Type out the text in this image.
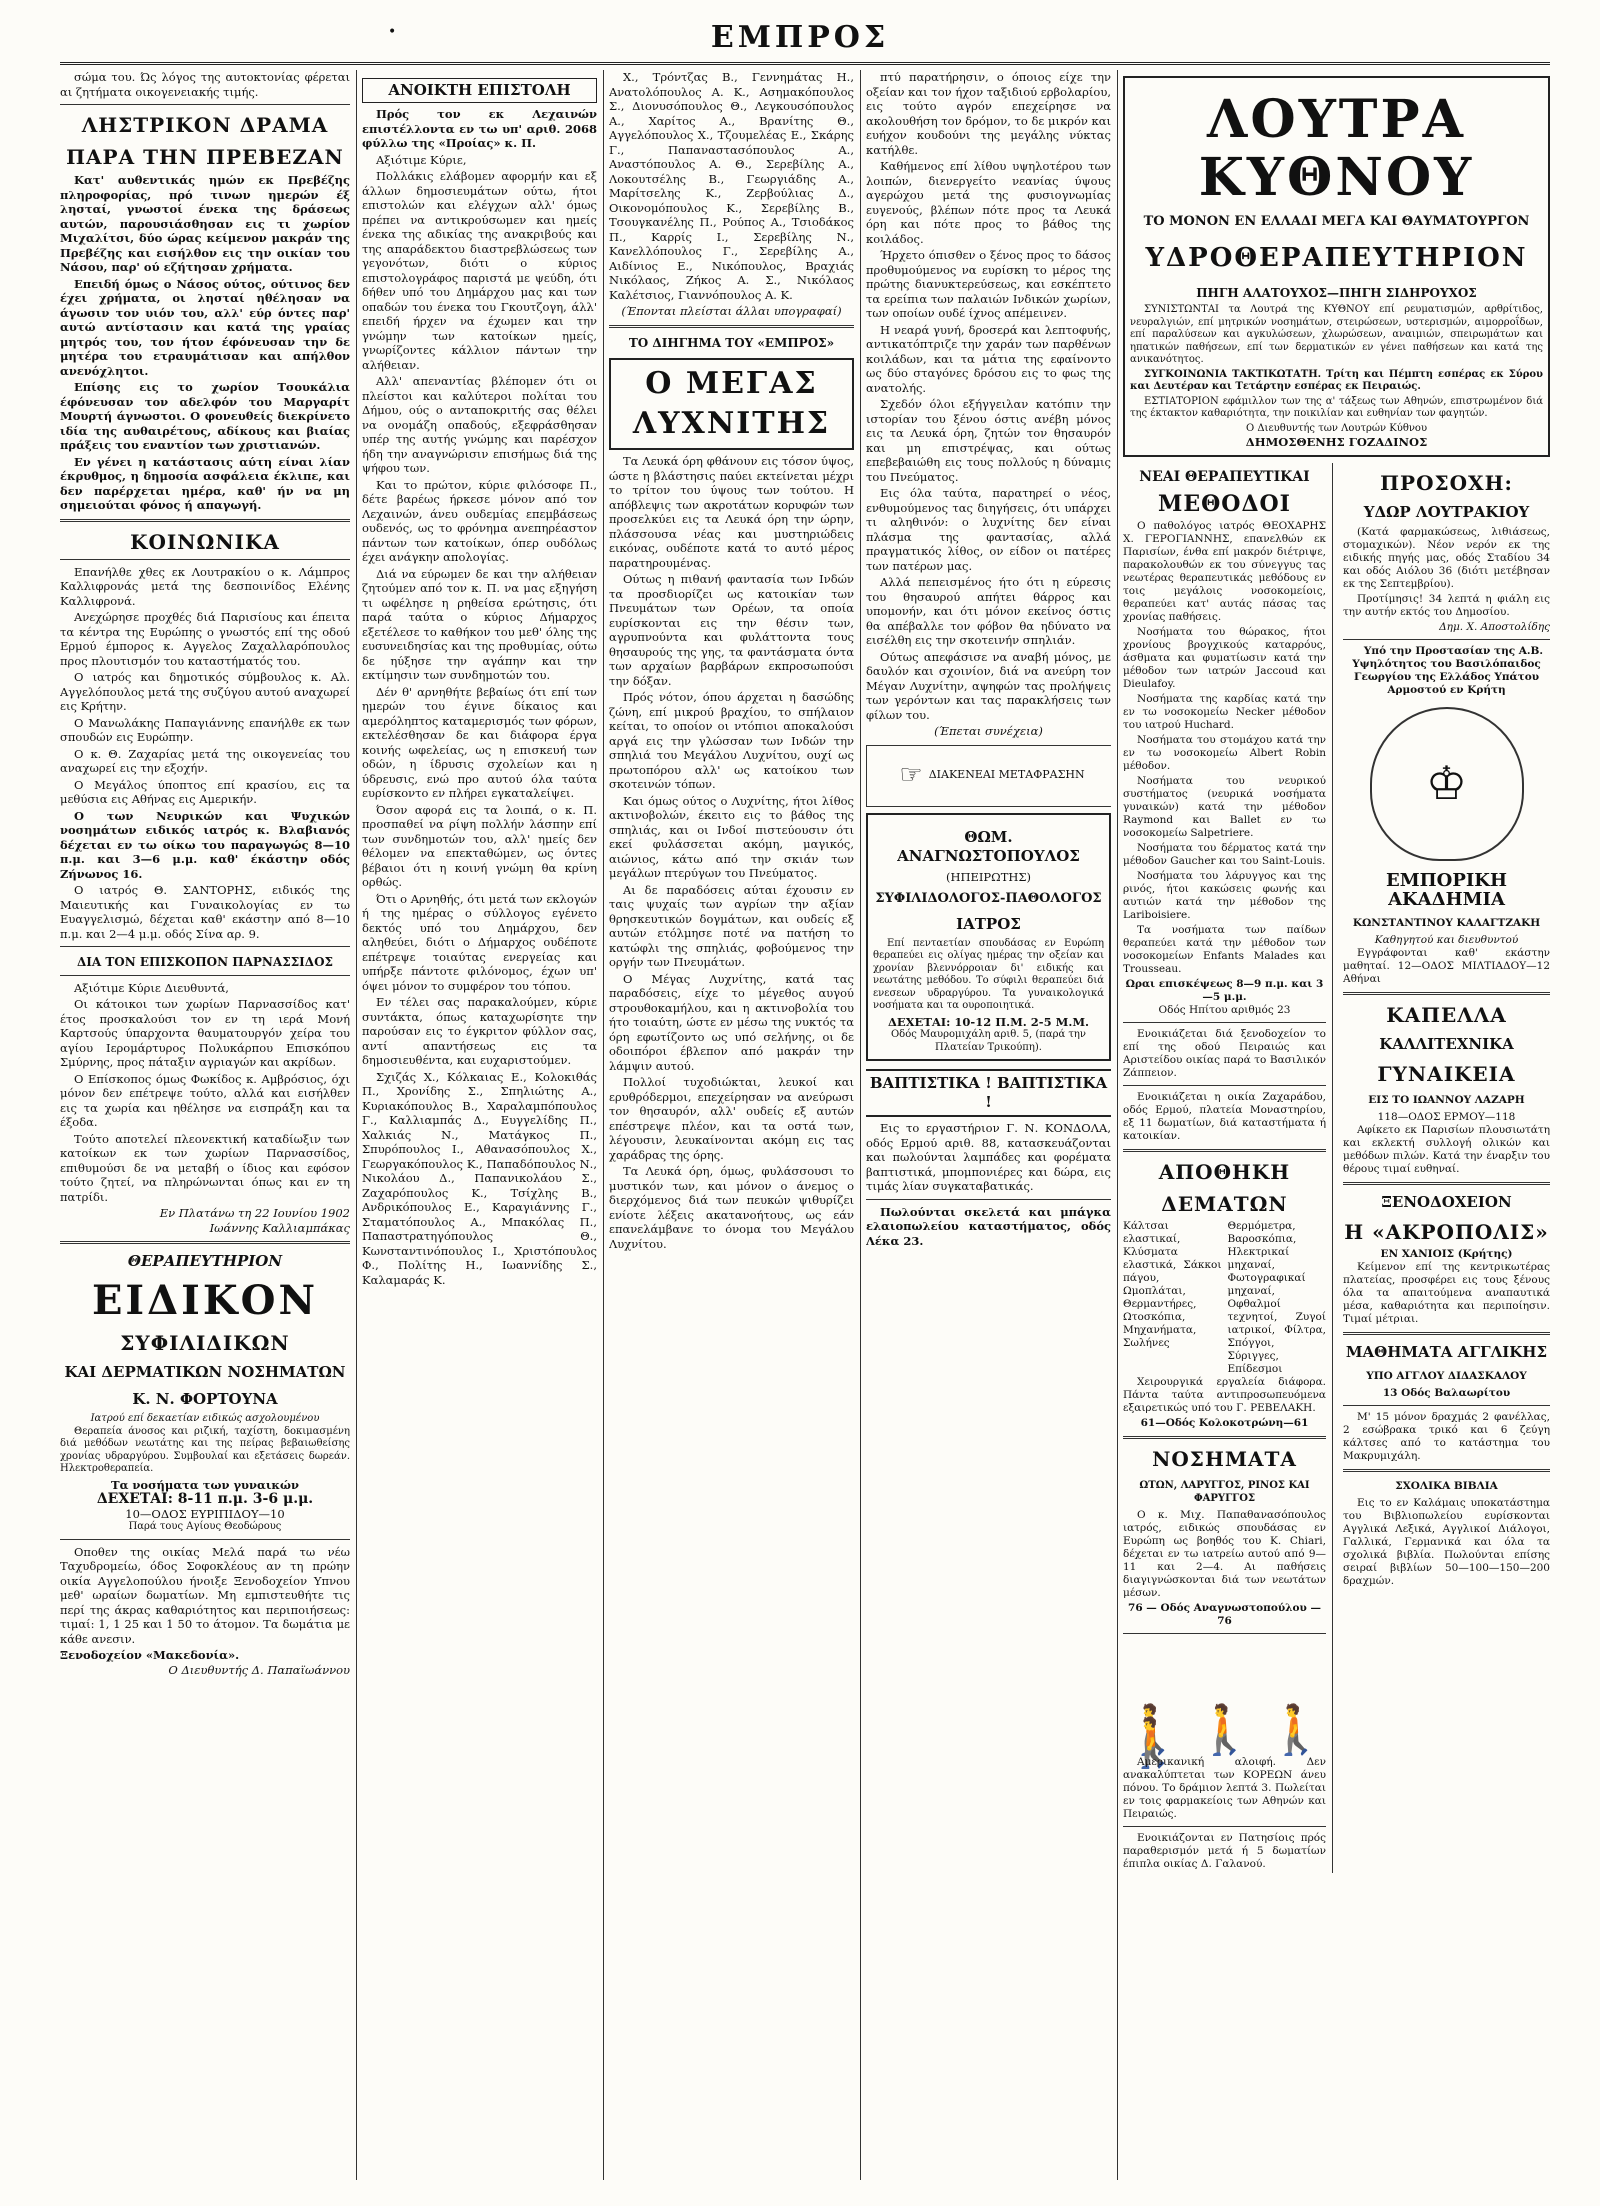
•	ΕΜΠΡΟΣ

σώμα του. Ώς λόγος της αυτοκτονίας φέρεται αι ζητήματα οικογενειακής τιμής.

ΛΗΣΤΡΙΚΟΝ ΔΡΑΜΑ
ΠΑΡΑ ΤΗΝ ΠΡΕΒΕΖΑΝ

Κατ' αυθεντικάς ημών εκ Πρεβέζης πληροφορίας, πρό τινων ημερών έξ λησταί, γνωστοί ένεκα της δράσεως αυτών, παρουσιάσθησαν εις τι χωρίον Μιχαλίτσι, δύο ώρας κείμενον μακράν της Πρεβέζης και εισήλθον εις την οικίαν του Νάσου, παρ' ού εζήτησαν χρήματα.

Επειδή όμως ο Νάσος ούτος, ούτινος δεν έχει χρήματα, οι λησταί ηθέλησαν να άγωσιν τον υιόν του, αλλ' εύρ όντες παρ' αυτώ αντίστασιν και κατά της γραίας μητρός του, τον ήτον έφόνευσαν την δε μητέρα του ετραυμάτισαν και απήλθον ανενόχλητοι.

Επίσης εις το χωρίον Τσουκάλια έφόνευσαν τον αδελφόν του Μαργαρίτ Μουρτή άγνωστοι. Ο φονευθείς διεκρίνετο ιδία της αυθαιρέτους, αδίκους και βιαίας πράξεις του εναντίον των χριστιανών.

Εν γένει η κατάστασις αύτη είναι λίαν έκρυθμος, η δημοσία ασφάλεια έκλιπε, και δεν παρέρχεται ημέρα, καθ' ήν να μη σημειούται φόνος ή απαγωγή.

ΚΟΙΝΩΝΙΚΑ

Επανήλθε χθες εκ Λουτρακίου ο κ. Λάμπρος Καλλιφρονάς μετά της δεσποινίδος Ελένης Καλλιφρονά.

Ανεχώρησε προχθές διά Παρισίους και έπειτα τα κέντρα της Ευρώπης ο γνωστός επί της οδού Ερμού έμπορος κ. Αγγελος Ζαχαλλαρόπουλος προς πλουτισμόν του καταστήματός του.

Ο ιατρός και δημοτικός σύμβουλος κ. Αλ. Αγγελόπουλος μετά της συζύγου αυτού αναχωρεί εις Κρήτην.

Ο Μανωλάκης Παπαγιάννης επανήλθε εκ των σπουδών εις Ευρώπην.

Ο κ. Θ. Ζαχαρίας μετά της οικογενείας του αναχωρεί εις την εξοχήν.

Ο Μεγάλος ύποπτος επί κρασίου, εις τα μεθύσια εις Αθήνας εις Αμερικήν.

Ο των Νευρικών και Ψυχικών νοσημάτων ειδικός ιατρός κ. Βλαβιανός δέχεται εν τω οίκω του παραγωγώς 8—10 π.μ. και 3—6 μ.μ. καθ' έκάστην οδός Ζήνωνος 16.

Ο ιατρός Θ. ΣΑΝΤΟΡΗΣ, ειδικός της Μαιευτικής και Γυναικολογίας εν τω Ευαγγελισμώ, δέχεται καθ' εκάστην από 8—10 π.μ. και 2—4 μ.μ. οδός Σίνα αρ. 9.

ΔΙΑ ΤΟΝ ΕΠΙΣΚΟΠΟΝ ΠΑΡΝΑΣΣΙΔΟΣ

Αξιότιμε Κύριε Διευθυντά,

Οι κάτοικοι των χωρίων Παρνασσίδος κατ' έτος προσκαλούσι τον εν τη ιερά Μονή Καρτσούς ύπαρχοντα θαυματουργόν χείρα του αγίου Ιερομάρτυρος Πολυκάρπου Επισκόπου Σμύρνης, προς πάταξιν αγριαγών και ακρίδων.

Ο Επίσκοπος όμως Φωκίδος κ. Αμβρόσιος, όχι μόνον δεν επέτρεψε τούτο, αλλά και εισήλθεν εις τα χωρία και ηθέλησε να εισπράξη και τα έξοδα.

Τούτο αποτελεί πλεονεκτική καταδίωξιν των κατοίκων εκ των χωρίων Παρνασσίδος, επιθυμούσι δε να μεταβή ο ίδιος και εφόσον τούτο ζητεί, να πληρώνωνται όπως και εν τη πατρίδι.

Εν Πλατάνω τη 22 Ιουνίου 1902
Ιωάννης Καλλιαμπάκας
ΘΕΡΑΠΕΥΤΗΡΙΟΝ
ΕΙΔΙΚΟΝ
ΣΥΦΙΛΙΔΙΚΩΝ
ΚΑΙ ΔΕΡΜΑΤΙΚΩΝ ΝΟΣΗΜΑΤΩΝ
Κ. Ν. ΦΟΡΤΟΥΝΑ
Ιατρού επί δεκαετίαν ειδικώς ασχολουμένου

Θεραπεία άνοσος και ριζική, ταχίστη, δοκιμασμένη διά μεθόδων νεωτάτης και της πείρας βεβαιωθείσης χρονίας υδραργύρου. Συμβουλαί και εξετάσεις δωρεάν. Ηλεκτροθεραπεία.

Τα νοσήματα των γυναικών
ΔΕΧΕΤΑΙ: 8-11 π.μ. 3-6 μ.μ.
10—ΟΔΟΣ ΕΥΡΙΠΙΔΟΥ—10
Παρά τους Αγίους Θεοδώρους

Οποθεν της οικίας Μελά παρά τω νέω Ταχυδρομείω, όδος Σοφοκλέους αν τη πρώην οικία Αγγελοπούλου ήνοιξε Ξενοδοχείον Υπνου μεθ' ωραίων δωματίων. Μη εμπιστευθήτε τις περί της άκρας καθαριότητος και περιποιήσεως: τιμαί: 1, 1 25 και 1 50 το άτομον. Τα δωμάτια με κάθε ανεσιν.

Ξενοδοχείον «Μακεδονία».
Ο Διευθυντής Δ. Παπαϊωάννου
ΑΝΟΙΚΤΗ ΕΠΙΣΤΟΛΗ

Πρός τον εκ Λεχαινών επιστέλλοντα εν τω υπ' αριθ. 2068 φύλλω της «Προίας» κ. Π.

Αξιότιμε Κύριε,

Πολλάκις ελάβομεν αφορμήν και εξ άλλων δημοσιευμάτων ούτω, ήτοι επιστολών και ελέγχων αλλ' όμως πρέπει να αντικρούσωμεν και ημείς ένεκα της αδικίας της ανακριβούς και της απαράδεκτου διαστρεβλώσεως των γεγονότων, διότι ο κύριος επιστολογράφος παριστά με ψεύδη, ότι δήθεν υπό του Δημάρχου μας και των οπαδών του ένεκα του Γκουτζογη, άλλ' επειδή ήρχεν να έχωμεν και την γνώμην των κατοίκων ημείς, γνωρίζοντες κάλλιον πάντων την αλήθειαν.

Αλλ' απεναντίας βλέπομεν ότι οι πλείστοι και καλύτεροι πολίται του Δήμου, ούς ο ανταποκριτής σας θέλει να ονομάζη οπαδούς, εξεφράσθησαν υπέρ της αυτής γνώμης και παρέσχον ήδη την αναγνώρισιν επισήμως διά της ψήφου των.

Και το πρώτον, κύριε φιλόσοφε Π., δέτε βαρέως ήρκεσε μόνον από τον Λεχαινών, άνευ ουδεμίας επεμβάσεως ουδενός, ως το φρόνημα ανεπηρέαστον πάντων των κατοίκων, όπερ ουδόλως έχει ανάγκην απολογίας.

Διά να εύρωμεν δε και την αλήθειαν ζητούμεν από τον κ. Π. να μας εξηγήση τι ωφέλησε η ρηθείσα ερώτησις, ότι παρά ταύτα ο κύριος Δήμαρχος εξετέλεσε το καθήκον του μεθ' όλης της ευσυνειδησίας και της προθυμίας, ούτω δε ηύξησε την αγάπην και την εκτίμησιν των συνδημοτών του.

Δέν θ' αρνηθήτε βεβαίως ότι επί των ημερών του έγινε δίκαιος και αμερόληπτος καταμερισμός των φόρων, εκτελέσθησαν δε και διάφορα έργα κοινής ωφελείας, ως η επισκευή των οδών, η ίδρυσις σχολείων και η ύδρευσις, ενώ προ αυτού όλα ταύτα ευρίσκοντο εν πλήρει εγκαταλείψει.

Όσον αφορά εις τα λοιπά, ο κ. Π. προσπαθεί να ρίψη πολλήν λάσπην επί των συνδημοτών του, αλλ' ημείς δεν θέλομεν να επεκταθώμεν, ως όντες βέβαιοι ότι η κοινή γνώμη θα κρίνη ορθώς.

Ότι ο Αρνηθής, ότι μετά των εκλογών ή της ημέρας ο σύλλογος εγένετο δεκτός υπό του Δημάρχου, δεν αληθεύει, διότι ο Δήμαρχος ουδέποτε επέτρεψε τοιαύτας ενεργείας και υπήρξε πάντοτε φιλόνομος, έχων υπ' όψει μόνον το συμφέρον του τόπου.

Εν τέλει σας παρακαλούμεν, κύριε συντάκτα, όπως καταχωρίσητε την παρούσαν εις το έγκριτον φύλλον σας, αντί απαντήσεως εις τα δημοσιευθέντα, και ευχαριστούμεν.

Σχιζάς Χ., Κόλκαιας Ε., Κολοκιθάς Π., Χρονίδης Σ., Σπηλιώτης Α., Κυριακόπουλος Β., Χαραλαμπόπουλος Γ., Καλλιαμπάς Δ., Ευγγελίδης Π., Χαλκιάς Ν., Ματάγκος Π., Σπυρόπουλος Ι., Αθανασόπουλος Χ., Γεωργακόπουλος Κ., Παπαδόπουλος Ν., Νικολάου Δ., Παπανικολάου Σ., Ζαχαρόπουλος Κ., Τσίχλης Β., Ανδρικόπουλος Ε., Καραγιάννης Γ., Σταματόπουλος Α., Μπακόλας Π., Παπαστρατηγόπουλος Θ., Κωνσταντινόπουλος Ι., Χριστόπουλος Φ., Πολίτης Η., Ιωαννίδης Σ., Καλαμαράς Κ.

Χ., Τρόντζας Β., Γεννημάτας Η., Ανατολόπουλος Α. Κ., Ασημακόπουλος Σ., Διονυσόπουλος Θ., Λεγκουσόπουλος Α., Χαρίτος Α., Βρανίτης Θ., Αγγελόπουλος Χ., Τζουμελέας Ε., Σκάρης Γ., Παπαναστασόπουλος Α., Αναστόπουλος Α. Θ., Σερεβίλης Α., Λοκουτσέλης Β., Γεωργιάδης Α., Μαρίτσελης Κ., Ζερβούλιας Δ., Οικονομόπουλος Κ., Σερεβίλης Β., Τσουγκανέλης Π., Ρούπος Α., Τσιοδάκος Π., Καρρίς Ι., Σερεβίλης Ν., Κανελλόπουλος Γ., Σερεβίλης Α., Αιδίνιος Ε., Νικόπουλος, Βραχιάς Νικόλαος, Ζήκος Α. Σ., Νικόλαος Καλέτσιος, Γιαννόπουλος Α. Κ.

(Έπονται πλείσται άλλαι υπογραφαί)
ΤΟ ΔΙΗΓΗΜΑ ΤΟΥ «ΕΜΠΡΟΣ»
Ο ΜΕΓΑΣ ΛΥΧΝΙΤΗΣ

Τα Λευκά όρη φθάνουν εις τόσον ύψος, ώστε η βλάστησις παύει εκτείνεται μέχρι το τρίτον του ύψους των τούτου. Η απόβλεψις των ακροτάτων κορυφών των προσελκύει εις τα Λευκά όρη την ώρην, πλάσσουσα νέας και μυστηριώδεις εικόνας, ουδέποτε κατά το αυτό μέρος παρατηρουμένας.

Ούτως η πιθανή φαντασία των Ινδών τα προσδιορίζει ως κατοικίαν των Πνευμάτων των Ορέων, τα οποία ευρίσκονται εις την θέσιν των, αγρυπνούντα και φυλάττοντα τους θησαυρούς της γης, τα φαντάσματα όντα των αρχαίων βαρβάρων εκπροσωπούσι την δόξαν.

Πρός νότον, όπου άρχεται η δασώδης ζώνη, επί μικρού βραχίου, το σπήλαιον κείται, το οποίον οι ντόπιοι αποκαλούσι αργά εις την γλώσσαν των Ινδών την σπηλιά του Μεγάλου Λυχνίτου, ουχί ως πρωτοπόρου αλλ' ως κατοίκου των σκοτεινών τόπων.

Και όμως ούτος ο Λυχνίτης, ήτοι λίθος ακτινοβολών, έκειτο εις το βάθος της σπηλιάς, και οι Ινδοί πιστεύουσιν ότι εκεί φυλάσσεται ακόμη, μαγικός, αιώνιος, κάτω από την σκιάν των μεγάλων πτερύγων του Πνεύματος.

Αι δε παραδόσεις αύται έχουσιν εν ταις ψυχαίς των αγρίων την αξίαν θρησκευτικών δογμάτων, και ουδείς εξ αυτών ετόλμησε ποτέ να πατήση το κατώφλι της σπηλιάς, φοβούμενος την οργήν των Πνευμάτων.

Ο Μέγας Λυχνίτης, κατά τας παραδόσεις, είχε το μέγεθος αυγού στρουθοκαμήλου, και η ακτινοβολία του ήτο τοιαύτη, ώστε εν μέσω της νυκτός τα όρη εφωτίζοντο ως υπό σελήνης, οι δε οδοιπόροι έβλεπον από μακράν την λάμψιν αυτού.

Πολλοί τυχοδιώκται, λευκοί και ερυθρόδερμοι, επεχείρησαν να ανεύρωσι τον θησαυρόν, αλλ' ουδείς εξ αυτών επέστρεψε πλέον, και τα οστά των, λέγουσιν, λευκαίνονται ακόμη εις τας χαράδρας της όρης.

Τα Λευκά όρη, όμως, φυλάσσουσι το μυστικόν των, και μόνον ο άνεμος ο διερχόμενος διά των πευκών ψιθυρίζει ενίοτε λέξεις ακατανοήτους, ως εάν επανελάμβανε το όνομα του Μεγάλου Λυχνίτου.

πτύ παρατήρησιν, ο όποιος είχε την οξείαν και τον ήχον ταξιδιού ερβολαρίου, εις τούτο αγρόν επεχείρησε να ακολουθήση τον δρόμον, το δε μικρόν και ευήχον κουδούνι της μεγάλης νύκτας κατήλθε.

Καθήμενος επί λίθου υψηλοτέρου των λοιπών, διενεργείτο νεανίας ύψους αγερώχου μετά της φυσιογνωμίας ευγενούς, βλέπων πότε προς τα Λευκά όρη και πότε προς το βάθος της κοιλάδος.

Ήρχετο όπισθεν ο ξένος προς το δάσος προθυμούμενος να ευρίσκη το μέρος της πρώτης διανυκτερεύσεως, και εσκέπτετο τα ερείπια των παλαιών Ινδικών χωρίων, των οποίων ουδέ ίχνος απέμεινεν.

Η νεαρά γυνή, δροσερά και λεπτοφυής, αντικατόπτριζε την χαράν των παρθένων κοιλάδων, και τα μάτια της εφαίνοντο ως δύο σταγόνες δρόσου εις το φως της ανατολής.

Σχεδόν όλοι εξήγγειλαν κατόπιν την ιστορίαν του ξένου όστις ανέβη μόνος εις τα Λευκά όρη, ζητών τον θησαυρόν και μη επιστρέψας, και ούτως επεβεβαιώθη εις τους πολλούς η δύναμις του Πνεύματος.

Εις όλα ταύτα, παρατηρεί ο νέος, ενθυμούμενος τας διηγήσεις, ότι υπάρχει τι αληθινόν: ο λυχνίτης δεν είναι πλάσμα της φαντασίας, αλλά πραγματικός λίθος, ον είδον οι πατέρες των πατέρων μας.

Αλλά πεπεισμένος ήτο ότι η εύρεσις του θησαυρού απήτει θάρρος και υπομονήν, και ότι μόνον εκείνος όστις θα απέβαλλε τον φόβον θα ηδύνατο να εισέλθη εις την σκοτεινήν σπηλιάν.

Ούτως απεφάσισε να αναβή μόνος, με δαυλόν και σχοινίον, διά να ανεύρη τον Μέγαν Λυχνίτην, αψηφών τας προλήψεις των γερόντων και τας παρακλήσεις των φίλων του.

(Έπεται συνέχεια)
☞ ΔΙΑΚΕΝΕΑΙ ΜΕΤΑΦΡΑΣΗΝ
ΘΩΜ. ΑΝΑΓΝΩΣΤΟΠΟΥΛΟΣ
(ΗΠΕΙΡΩΤΗΣ)
ΣΥΦΙΛΙΔΟΛΟΓΟΣ-ΠΑΘΟΛΟΓΟΣ
ΙΑΤΡΟΣ

Επί πενταετίαν σπουδάσας εν Ευρώπη θεραπεύει εις ολίγας ημέρας την οξείαν και χρονίαν βλεννόρροιαν δι' ειδικής και νεωτάτης μεθόδου. Το σύφιλι θεραπεύει διά ενεσεων υδραργύρου. Τα γυναικολογικά νοσήματα και τα ουροποιητικά.

ΔΕΧΕΤΑΙ: 10-12 Π.Μ. 2-5 Μ.Μ.
Οδός Μαυρομιχάλη αριθ. 5, (παρά την Πλατείαν Τρικούπη).
ΒΑΠΤΙΣΤΙΚΑ ! ΒΑΠΤΙΣΤΙΚΑ !

Εις το εργαστήριον Γ. Ν. ΚΟΝΔΟΛΑ, οδός Ερμού αριθ. 88, κατασκευάζονται και πωλούνται λαμπάδες και φορέματα βαπτιστικά, μπομπονιέρες και δώρα, εις τιμάς λίαν συγκαταβατικάς.

Πωλούνται σκελετά και μπάγκα ελαιοπωλείου καταστήματος, οδός Λέκα 23.

ΛΟΥΤΡΑ ΚΥΘΝΟΥ
ΤΟ ΜΟΝΟΝ ΕΝ ΕΛΛΑΔΙ ΜΕΓΑ ΚΑΙ ΘΑΥΜΑΤΟΥΡΓΟΝ
ΥΔΡΟΘΕΡΑΠΕΥΤΗΡΙΟΝ
ΠΗΓΗ ΑΛΑΤΟΥΧΟΣ—ΠΗΓΗ ΣΙΔΗΡΟΥΧΟΣ

ΣΥΝΙΣΤΩΝΤΑΙ τα Λουτρά της ΚΥΘΝΟΥ επί ρευματισμών, αρθρίτιδος, νευραλγιών, επί μητρικών νοσημάτων, στειρώσεων, υστερισμών, αιμορροΐδων, επί παραλύσεων και αγκυλώσεων, χλωρώσεων, αναιμιών, σπειρωμάτων και ηπατικών παθήσεων, επί των δερματικών εν γένει παθήσεων και κατά της ανικανότητος.

ΣΥΓΚΟΙΝΩΝΙΑ ΤΑΚΤΙΚΩΤΑΤΗ. Τρίτη και Πέμπτη εσπέρας εκ Σύρου και Δευτέραν και Τετάρτην εσπέρας εκ Πειραιώς.

ΕΣΤΙΑΤΟΡΙΟΝ εφάμιλλον των της α' τάξεως των Αθηνών, επιστρωμένον διά της έκτακτον καθαριότητα, την ποικιλίαν και ευθηνίαν των φαγητών.

Ο Διευθυντής των Λουτρών Κύθνου
ΔΗΜΟΣΘΕΝΗΣ ΓΟΖΑΔΙΝΟΣ
ΝΕΑΙ ΘΕΡΑΠΕΥΤΙΚΑΙ
ΜΕΘΟΔΟΙ

Ο παθολόγος ιατρός ΘΕΟΧΑΡΗΣ Χ. ΓΕΡΟΓΙΑΝΝΗΣ, επανελθών εκ Παρισίων, ένθα επί μακρόν διέτριψε, παρακολουθών εκ του σύνεγγυς τας νεωτέρας θεραπευτικάς μεθόδους εν τοις μεγάλοις νοσοκομείοις, θεραπεύει κατ' αυτάς πάσας τας χρονίας παθήσεις.

Νοσήματα του θώρακος, ήτοι χρονίους βρογχικούς καταρρόυς, άσθματα και φυματίωσιν κατά την μέθοδον των ιατρών Jaccoud και Dieulafoy.

Νοσήματα της καρδίας κατά την εν τω νοσοκομείω Necker μέθοδον του ιατρού Huchard.

Νοσήματα του στομάχου κατά την εν τω νοσοκομείω Albert Robin μέθοδον.

Νοσήματα του νευρικού συστήματος (νευρικά νοσήματα γυναικών) κατά την μέθοδον Raymond και Ballet εν τω νοσοκομείω Salpetriere.

Νοσήματα του δέρματος κατά την μέθοδον Gaucher και του Saint-Louis.

Νοσήματα του λάρυγγος και της ρινός, ήτοι κακώσεις φωνής και αυτιών κατά την μέθοδον της Lariboisiere.

Τα νοσήματα των παίδων θεραπεύει κατά την μέθοδον των νοσοκομείων Enfants Malades και Trousseau.

Ωραι επισκέψεως 8—9 π.μ. και 3—5 μ.μ.
Οδός Ηπίτου αριθμός 23

Ενοικιάζεται διά ξενοδοχείον το επί της οδού Πειραιώς και Αριστείδου οικίας παρά το Βασιλικόν Ζάππειον.

Ενοικιάζεται η οικία Ζαχαράδου, οδός Ερμού, πλατεία Μοναστηρίου, εξ 11 δωματίων, διά καταστήματα ή κατοικίαν.

ΑΠΟΘΗΚΗ
ΔΕΜΑΤΩΝ
Κάλτσαι ελαστικαί, Κλύσματα ελαστικά, Σάκκοι πάγου, Ωμοπλάται, Θερμαντήρες, Ωτοσκόπια, Μηχανήματα, Σωλήνες
Θερμόμετρα, Βαροσκόπια, Ηλεκτρικαί μηχαναί, Φωτογραφικαί μηχαναί, Οφθαλμοί τεχνητοί, Ζυγοί ιατρικοί, Φίλτρα, Σπόγγοι, Σύριγγες, Επίδεσμοι

Χειρουργικά εργαλεία διάφορα. Πάντα ταύτα αντιπροσωπευόμενα εξαιρετικώς υπό του Γ. ΡΕΒΕΛΑΚΗ.

61—Οδός Κολοκοτρώνη—61
ΝΟΣΗΜΑΤΑ
ΩΤΩΝ, ΛΑΡΥΓΓΟΣ, ΡΙΝΟΣ ΚΑΙ ΦΑΡΥΓΓΟΣ

Ο κ. Μιχ. Παπαθανασόπουλος ιατρός, ειδικώς σπουδάσας εν Ευρώπη ως βοηθός του Κ. Chiari, δέχεται εν τω ιατρείω αυτού από 9—11 και 2—4. Αι παθήσεις διαγιγνώσκονται διά των νεωτάτων μέσων.

76 — Οδός Αναγνωστοπούλου — 76
🚶🚶🚶🚶

Αμερικανική αλοιφή. Δεν ανακαλύπτεται των ΚΟΡΕΩΝ άνευ πόνου. Το δράμιον λεπτά 3. Πωλείται εν τοις φαρμακείοις των Αθηνών και Πειραιώς.

Ενοικιάζονται εν Πατησίοις πρός παραθερισμόν μετά ή 5 δωματίων έπιπλα οικίας Δ. Γαλανού.

ΠΡΟΣΟΧΗ:
ΥΔΩΡ ΛΟΥΤΡΑΚΙΟΥ

(Κατά φαρμακώσεως, λιθιάσεως, στομαχικών). Νέον νερόν εκ της ειδικής πηγής μας, οδός Σταδίου 34 και οδός Αιόλου 36 (διότι μετέβησαν εκ της Σεπτεμβρίου).

Προτίμησις! 34 λεπτά η φιάλη εις την αυτήν εκτός του Δημοσίου.

Δημ. Χ. Αποστολίδης

Υπό την Προστασίαν της Α.Β. Υψηλότητος του Βασιλόπαιδος Γεωργίου της Ελλάδος Υπάτου Αρμοστού εν Κρήτη

♔
ΕΜΠΟΡΙΚΗ ΑΚΑΔΗΜΙΑ
ΚΩΝΣΤΑΝΤΙΝΟΥ ΚΑΛΑΓΤΖΑΚΗ
Καθηγητού και διευθυντού

Εγγράφονται καθ' εκάστην μαθηταί. 12—ΟΔΟΣ ΜΙΛΤΙΑΔΟΥ—12 Αθήναι

ΚΑΠΕΛΛΑ
ΚΑΛΛΙΤΕΧΝΙΚΑ
ΓΥΝΑΙΚΕΙΑ
ΕΙΣ ΤΟ ΙΩΑΝΝΟΥ ΛΑΖΑΡΗ
118—ΟΔΟΣ ΕΡΜΟΥ—118

Αφίκετο εκ Παρισίων πλουσιωτάτη και εκλεκτή συλλογή ολικών και μεθόδων πιλών. Κατά την έναρξιν του θέρους τιμαί ευθηναί.

ΞΕΝΟΔΟΧΕΙΟΝ
Η «ΑΚΡΟΠΟΛΙΣ»
ΕΝ ΧΑΝΙΟΙΣ (Κρήτης)

Κείμενον επί της κεντρικωτέρας πλατείας, προσφέρει εις τους ξένους όλα τα απαιτούμενα αναπαυτικά μέσα, καθαριότητα και περιποίησιν. Τιμαί μέτριαι.

ΜΑΘΗΜΑΤΑ ΑΓΓΛΙΚΗΣ
ΥΠΟ ΑΓΓΛΟΥ ΔΙΔΑΣΚΑΛΟΥ
13 Οδός Βαλαωρίτου

Μ' 15 μόνον δραχμάς 2 φανέλλας, 2 εσώβρακα τρικό και 6 ζεύγη κάλτσες από το κατάστημα του Μακρυμιχάλη.

ΣΧΟΛΙΚΑ ΒΙΒΛΙΑ

Εις το εν Καλάμαις υποκατάστημα του Βιβλιοπωλείου ευρίσκονται Αγγλικά Λεξικά, Αγγλικοί Διάλογοι, Γαλλικά, Γερμανικά και όλα τα σχολικά βιβλία. Πωλούνται επίσης σειραί βιβλίων 50—100—150—200 δραχμών.
